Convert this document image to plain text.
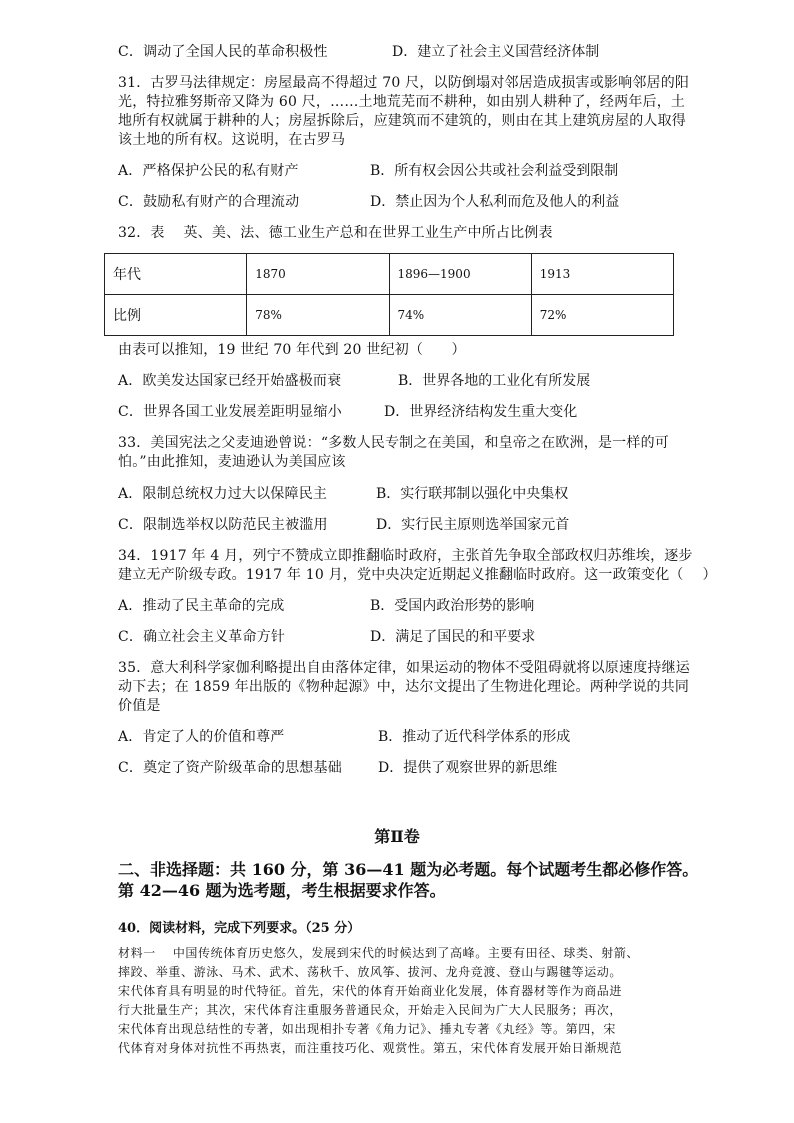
C．调动了全国人民的革命积极性	D．建立了社会主义国营经济体制
31．古罗马法律规定：房屋最高不得超过 70 尺，以防倒塌对邻居造成损害或影响邻居的阳
光，特拉雅努斯帝又降为 60 尺，……土地荒芜而不耕种，如由别人耕种了，经两年后，土
地所有权就属于耕种的人；房屋拆除后，应建筑而不建筑的，则由在其上建筑房屋的人取得
该土地的所有权。这说明，在古罗马
A．严格保护公民的私有财产	B．所有权会因公共或社会利益受到限制
C．鼓励私有财产的合理流动	D．禁止因为个人私利而危及他人的利益
32．表　 英、美、法、德工业生产总和在世界工业生产中所占比例表
年代	1870	1896—1900	1913
比例	78%	74%	72%
由表可以推知，19 世纪 70 年代到 20 世纪初（　　）
A．欧美发达国家已经开始盛极而衰	B．世界各地的工业化有所发展
C．世界各国工业发展差距明显缩小	D．世界经济结构发生重大变化
33．美国宪法之父麦迪逊曾说：“多数人民专制之在美国，和皇帝之在欧洲，是一样的可
怕。”由此推知，麦迪逊认为美国应该
A．限制总统权力过大以保障民主	B．实行联邦制以强化中央集权
C．限制选举权以防范民主被滥用	D．实行民主原则选举国家元首
34．1917 年 4 月，列宁不赞成立即推翻临时政府，主张首先争取全部政权归苏维埃，逐步
建立无产阶级专政。1917 年 10 月，党中央决定近期起义推翻临时政府。这一政策变化（　 ）
A．推动了民主革命的完成	B．受国内政治形势的影响
C．确立社会主义革命方针	D．满足了国民的和平要求
35．意大利科学家伽利略提出自由落体定律，如果运动的物体不受阻碍就将以原速度持继运
动下去；在 1859 年出版的《物种起源》中，达尔文提出了生物进化理论。两种学说的共同
价值是
A．肯定了人的价值和尊严	B．推动了近代科学体系的形成
C．奠定了资产阶级革命的思想基础	D．提供了观察世界的新思维
第Ⅱ卷
二、非选择题：共 160 分，第 36—41 题为必考题。每个试题考生都必修作答。
第 42—46 题为选考题，考生根据要求作答。
40．阅读材料，完成下列要求。（25 分）
材料一　 中国传统体育历史悠久，发展到宋代的时候达到了高峰。主要有田径、球类、射箭、
摔跤、举重、游泳、马术、武术、荡秋千、放风筝、拔河、龙舟竞渡、登山与踢毽等运动。
宋代体育具有明显的时代特征。首先，宋代的体育开始商业化发展，体育器材等作为商品进
行大批量生产；其次，宋代体育注重服务普通民众，开始走入民间为广大人民服务；再次，
宋代体育出现总结性的专著，如出现相扑专著《角力记》、捶丸专著《丸经》等。第四，宋
代体育对身体对抗性不再热衷，而注重技巧化、观赏性。第五，宋代体育发展开始日渐规范
